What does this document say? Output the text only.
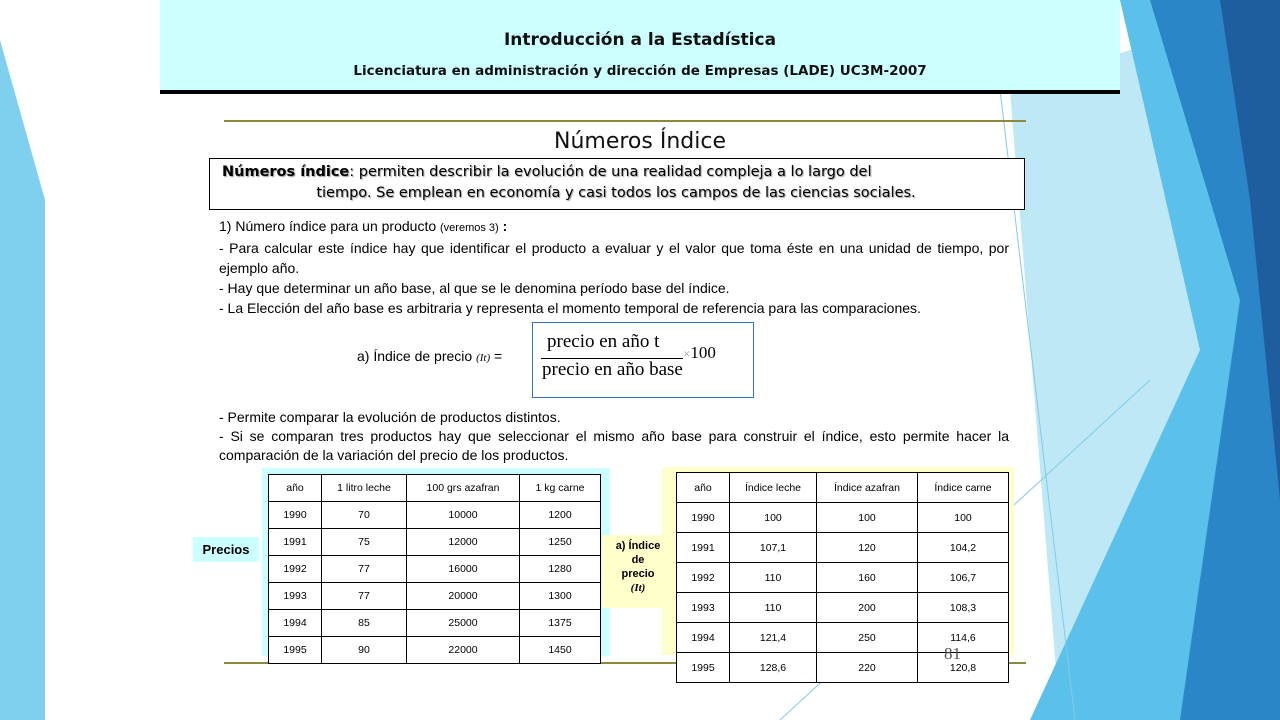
Introducción a la Estadística
Licenciatura en administración y dirección de Empresas (LADE) UC3M-2007
Números Índice
Números índice: permiten describir la evolución de una realidad compleja a lo largo del
tiempo. Se emplean en economía y casi todos los campos de las ciencias sociales.

1) Número índice para un producto (veremos 3) :

- Para calcular este índice hay que identificar el producto a evaluar y el valor que toma éste en una unidad de tiempo, por ejemplo año.

- Hay que determinar un año base, al que se le denomina período base del índice.

- La Elección del año base es arbitraria y representa el momento temporal de referencia para las comparaciones.

a) Índice de precio (It) =
precio en año t
precio en año base
×100

- Permite comparar la evolución de productos distintos.

- Si se comparan tres productos hay que seleccionar el mismo año base para construir el índice, esto permite hacer la comparación de la variación del precio de los productos.

Precios
año	1 litro leche	100 grs azafran	1 kg carne
1990	70	10000	1200
1991	75	12000	1250
1992	77	16000	1280
1993	77	20000	1300
1994	85	25000	1375
1995	90	22000	1450
a) Índice
de
precio
(It)
año	Índice leche	Índice azafran	Índice carne
1990	100	100	100
1991	107,1	120	104,2
1992	110	160	106,7
1993	110	200	108,3
1994	121,4	250	114,6
1995	128,6	220	120,8
81
